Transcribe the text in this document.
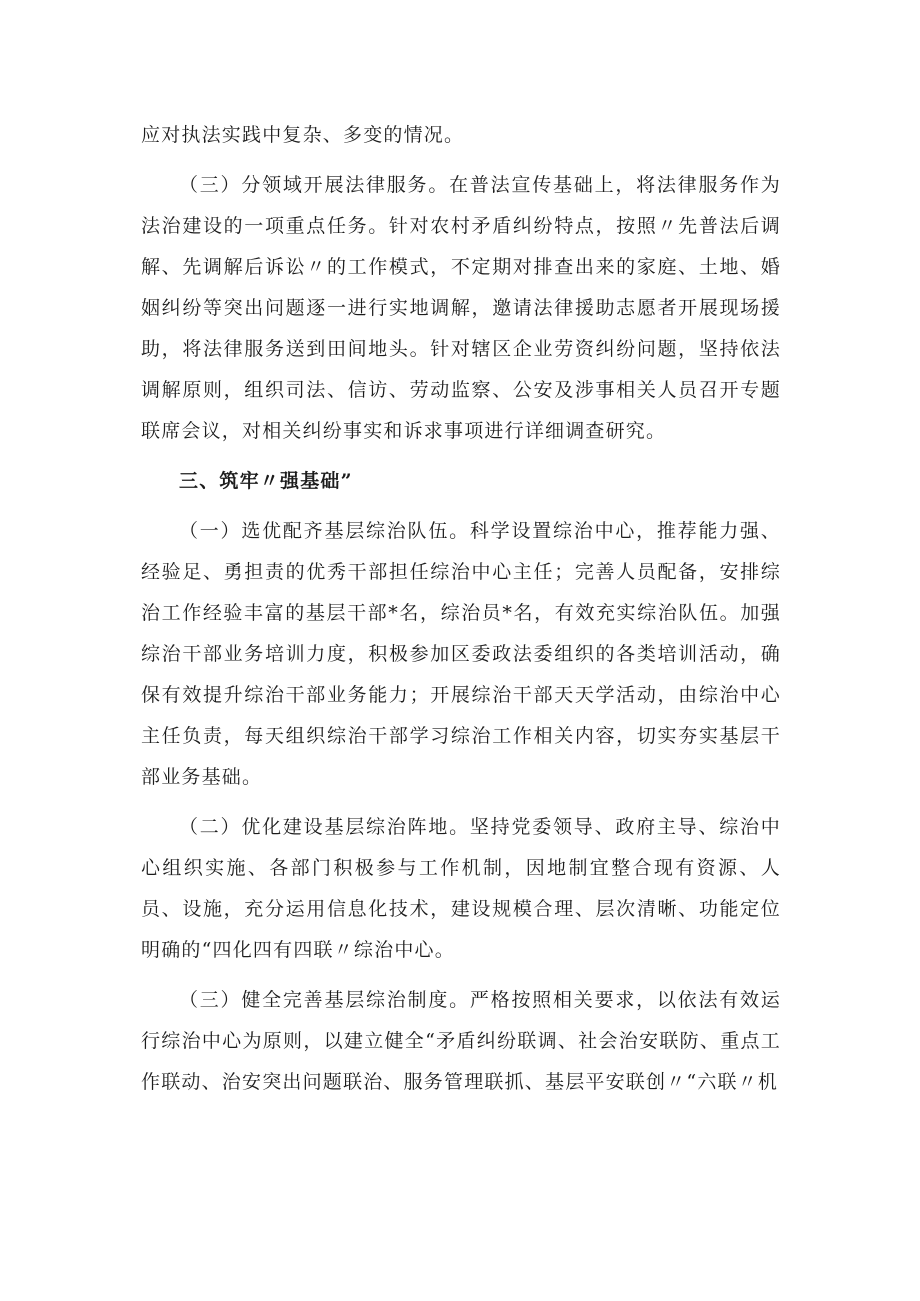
应对执法实践中复杂、多变的情况。

（三）分领域开展法律服务。在普法宣传基础上，将法律服务作为法治建设的一项重点任务。针对农村矛盾纠纷特点，按照〃先普法后调解、先调解后诉讼〃的工作模式，不定期对排查出来的家庭、土地、婚姻纠纷等突出问题逐一进行实地调解，邀请法律援助志愿者开展现场援助，将法律服务送到田间地头。针对辖区企业劳资纠纷问题，坚持依法调解原则，组织司法、信访、劳动监察、公安及涉事相关人员召开专题联席会议，对相关纠纷事实和诉求事项进行详细调查研究。

三、筑牢〃强基础”

（一）选优配齐基层综治队伍。科学设置综治中心，推荐能力强、经验足、勇担责的优秀干部担任综治中心主任；完善人员配备，安排综治工作经验丰富的基层干部*名，综治员*名，有效充实综治队伍。加强综治干部业务培训力度，积极参加区委政法委组织的各类培训活动，确保有效提升综治干部业务能力；开展综治干部天天学活动，由综治中心主任负责，每天组织综治干部学习综治工作相关内容，切实夯实基层干部业务基础。

（二）优化建设基层综治阵地。坚持党委领导、政府主导、综治中心组织实施、各部门积极参与工作机制，因地制宜整合现有资源、人员、设施，充分运用信息化技术，建设规模合理、层次清晰、功能定位明确的“四化四有四联〃综治中心。

（三）健全完善基层综治制度。严格按照相关要求，以依法有效运行综治中心为原则，以建立健全“矛盾纠纷联调、社会治安联防、重点工作联动、治安突出问题联治、服务管理联抓、基层平安联创〃“六联〃机
